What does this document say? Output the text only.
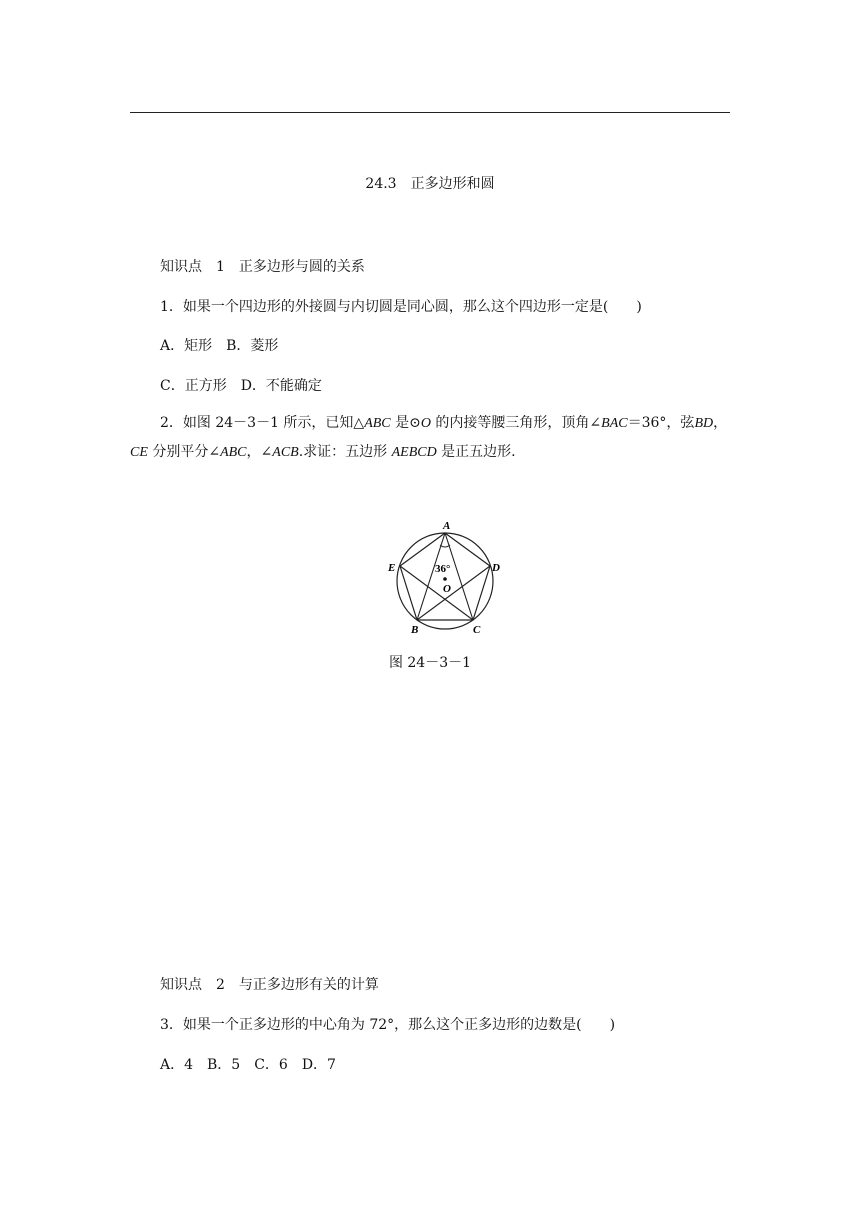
24.3　正多边形和圆
知识点 1 正多边形与圆的关系
1．如果一个四边形的外接圆与内切圆是同心圆，那么这个四边形一定是(　　)
A．矩形　B．菱形
C．正方形　D．不能确定
2．如图 24－3－1 所示，已知△ABC 是⊙O 的内接等腰三角形，顶角∠BAC＝36°，弦BD，CE 分别平分∠ABC，∠ACB.求证：五边形 AEBCD 是正五边形.
A
B	C
D
E
O
36°
图 24－3－1
知识点 2 与正多边形有关的计算
3．如果一个正多边形的中心角为 72°，那么这个正多边形的边数是(　　)
A．4　B．5　C．6　D．7
